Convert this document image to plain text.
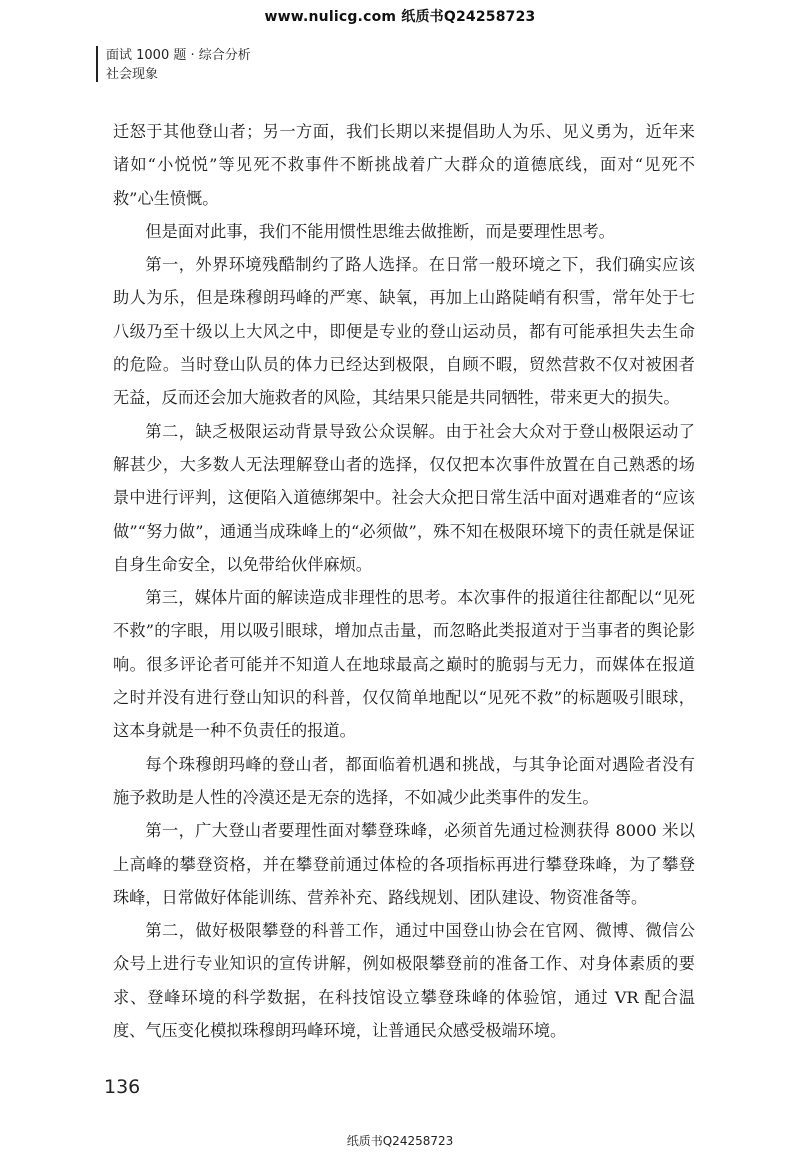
www.nulicg.com 纸质书Q24258723
面试 1000 题 · 综合分析
社会现象

迁怒于其他登山者；另一方面，我们长期以来提倡助人为乐、见义勇为，近年来诸如“小悦悦”等见死不救事件不断挑战着广大群众的道德底线，面对“见死不救”心生愤慨。

但是面对此事，我们不能用惯性思维去做推断，而是要理性思考。

第一，外界环境残酷制约了路人选择。在日常一般环境之下，我们确实应该助人为乐，但是珠穆朗玛峰的严寒、缺氧，再加上山路陡峭有积雪，常年处于七八级乃至十级以上大风之中，即便是专业的登山运动员，都有可能承担失去生命的危险。当时登山队员的体力已经达到极限，自顾不暇，贸然营救不仅对被困者无益，反而还会加大施救者的风险，其结果只能是共同牺牲，带来更大的损失。

第二，缺乏极限运动背景导致公众误解。由于社会大众对于登山极限运动了解甚少，大多数人无法理解登山者的选择，仅仅把本次事件放置在自己熟悉的场景中进行评判，这便陷入道德绑架中。社会大众把日常生活中面对遇难者的“应该做”“努力做”，通通当成珠峰上的“必须做”，殊不知在极限环境下的责任就是保证自身生命安全，以免带给伙伴麻烦。

第三，媒体片面的解读造成非理性的思考。本次事件的报道往往都配以“见死不救”的字眼，用以吸引眼球，增加点击量，而忽略此类报道对于当事者的舆论影响。很多评论者可能并不知道人在地球最高之巅时的脆弱与无力，而媒体在报道之时并没有进行登山知识的科普，仅仅简单地配以“见死不救”的标题吸引眼球，这本身就是一种不负责任的报道。

每个珠穆朗玛峰的登山者，都面临着机遇和挑战，与其争论面对遇险者没有施予救助是人性的冷漠还是无奈的选择，不如减少此类事件的发生。

第一，广大登山者要理性面对攀登珠峰，必须首先通过检测获得 8000 米以上高峰的攀登资格，并在攀登前通过体检的各项指标再进行攀登珠峰，为了攀登珠峰，日常做好体能训练、营养补充、路线规划、团队建设、物资准备等。

第二，做好极限攀登的科普工作，通过中国登山协会在官网、微博、微信公众号上进行专业知识的宣传讲解，例如极限攀登前的准备工作、对身体素质的要求、登峰环境的科学数据，在科技馆设立攀登珠峰的体验馆，通过 VR 配合温度、气压变化模拟珠穆朗玛峰环境，让普通民众感受极端环境。

136
纸质书Q24258723
